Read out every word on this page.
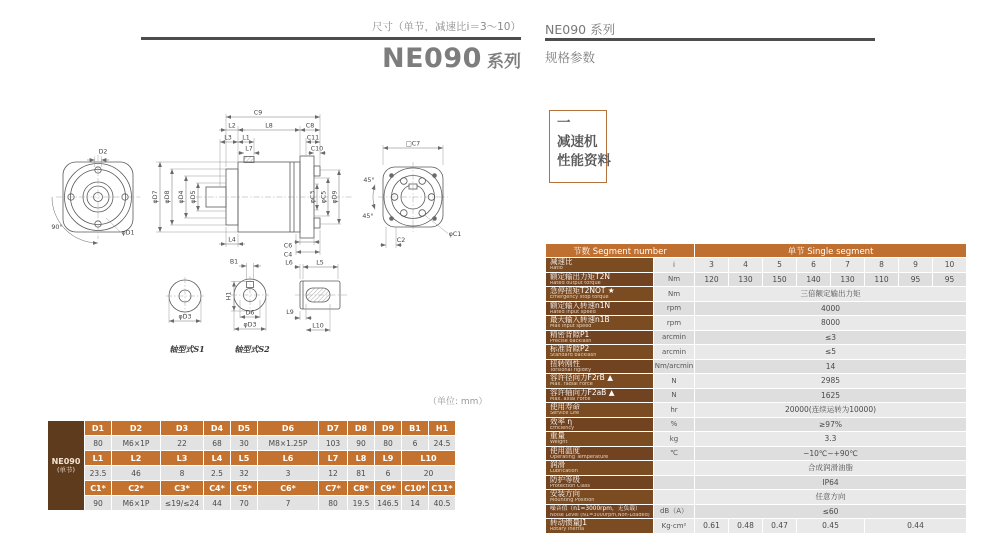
尺寸（单节，减速比i＝3～10）
NE090 系列
NE090 系列
规格参数
一
减速机
性能资料
（单位: mm）
D2
φD1
90°
C9
L2	L8	C8
L3 L1	C11
L7	C10
φD7 φD8 φD4 φD5	φC3 φC5 φD9
L4
C6
C4
B1	L6	L5
H1
D6
φD3
φD3
L9
L10
□C7
45°
45°
φC1
C2
轴型式S1	轴型式S2
NE090
(单节)	D1	D2	D3	D4	D5	D6	D7	D8	D9	B1	H1
	80	M6×1P	22	68	30	M8×1.25P	103	90	80	6	24.5
	L1	L2	L3	L4	L5	L6	L7	L8	L9	L10	
	23.5	46	8	2.5	32	3	12	81	6	20	
	C1*	C2*	C3*	C4*	C5*	C6*	C7*	C8*	C9*	C10*	C11*
	90	M6×1P	≤19/≤24	44	70	7	80	19.5	146.5	14	40.5
节数 Segment number		单节 Single segment							

减速比
Ratio	i	3	4	5	6	7	8	9	10

额定输出力矩T2N
Rated output torque	Nm	120	130	150	140	130	110	95	95

急停扭矩T2NOT ★
Emergency stop torque	Nm	三倍额定输出力矩							

额定输入转速n1N
Rated input speed	rpm	4000							

最大输入转速n1B
Max input speed	rpm	8000							

精密背隙P1
Precise backlash	arcmin	≤3							

标准背隙P2
Standard backlash	arcmin	≤5							

扭转刚性
Torsional rigidity	Nm/arcmin	14							

容许径向力F2rB ▲
Max. radial Force	N	2985							

容许轴向力F2aB ▲
Max. axial Force	N	1625							

使用寿命
Service Life	hr	20000(连续运转为10000)							

效率 η
Efficiency	%	≥97%							

重量
Weight	kg	3.3							

使用温度
Operating Temperature	℃	−10℃~+90℃							

润滑
Lubrication		合成润滑油脂							

防护等级
Protection Class		IP64							

安装方向
Mounting Position		任意方向							

噪音值（n1=3000rpm，无负载）
Noise Level (N1=3000rpm,Non-Loaded)	dB（A）	≤60							

转动惯量J1
Rotary inertia	Kg·cm²	0.61	0.48	0.47	0.45		0.44		
